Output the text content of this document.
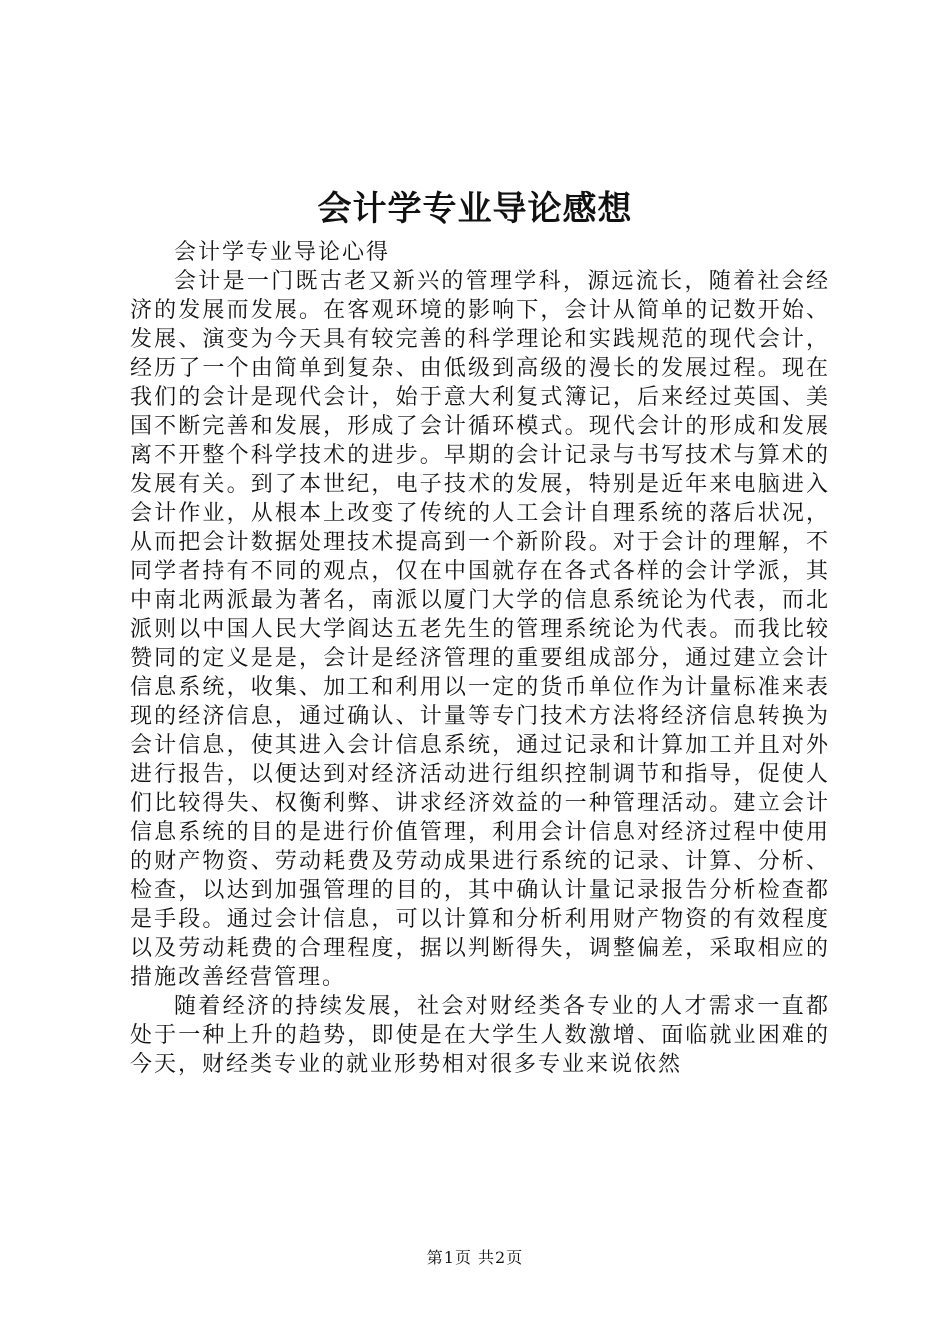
会计学专业导论感想

会计学专业导论心得

会计是一门既古老又新兴的管理学科，源远流长，随着社会经济的发展而发展。在客观环境的影响下，会计从简单的记数开始、发展、演变为今天具有较完善的科学理论和实践规范的现代会计，经历了一个由简单到复杂、由低级到高级的漫长的发展过程。现在我们的会计是现代会计，始于意大利复式簿记，后来经过英国、美国不断完善和发展，形成了会计循环模式。现代会计的形成和发展离不开整个科学技术的进步。早期的会计记录与书写技术与算术的发展有关。到了本世纪，电子技术的发展，特别是近年来电脑进入会计作业，从根本上改变了传统的人工会计自理系统的落后状况，从而把会计数据处理技术提高到一个新阶段。对于会计的理解，不同学者持有不同的观点，仅在中国就存在各式各样的会计学派，其中南北两派最为著名，南派以厦门大学的信息系统论为代表，而北派则以中国人民大学阎达五老先生的管理系统论为代表。而我比较赞同的定义是是，会计是经济管理的重要组成部分，通过建立会计信息系统，收集、加工和利用以一定的货币单位作为计量标准来表现的经济信息，通过确认、计量等专门技术方法将经济信息转换为会计信息，使其进入会计信息系统，通过记录和计算加工并且对外进行报告，以便达到对经济活动进行组织控制调节和指导，促使人们比较得失、权衡利弊、讲求经济效益的一种管理活动。建立会计信息系统的目的是进行价值管理，利用会计信息对经济过程中使用的财产物资、劳动耗费及劳动成果进行系统的记录、计算、分析、检查，以达到加强管理的目的，其中确认计量记录报告分析检查都是手段。通过会计信息，可以计算和分析利用财产物资的有效程度以及劳动耗费的合理程度，据以判断得失，调整偏差，采取相应的措施改善经营管理。

随着经济的持续发展，社会对财经类各专业的人才需求一直都处于一种上升的趋势，即使是在大学生人数激增、面临就业困难的今天，财经类专业的就业形势相对很多专业来说依然

第1页 共2页
